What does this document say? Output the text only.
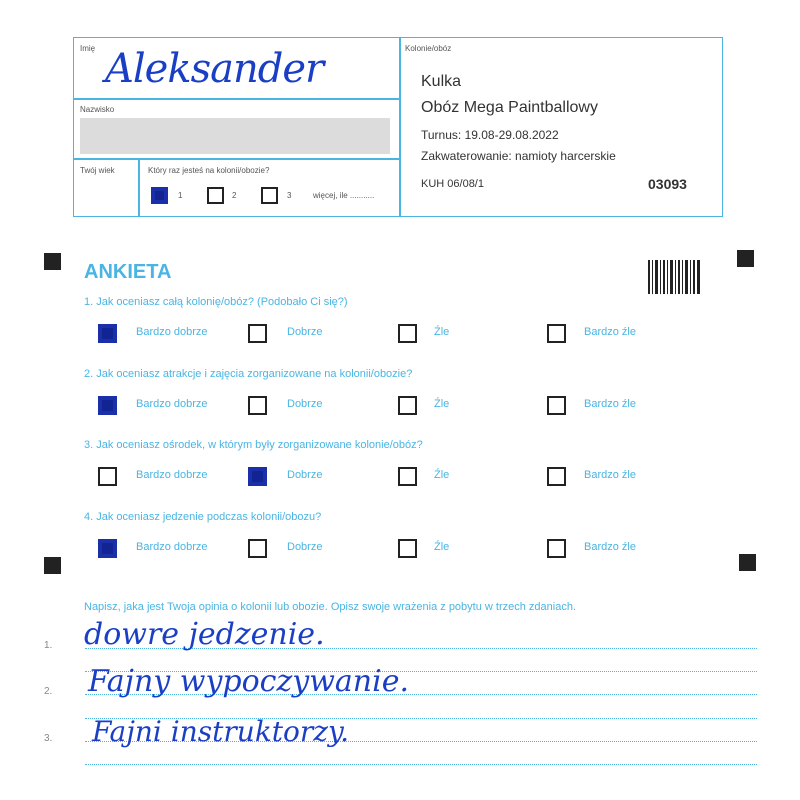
Imię Aleksander
Nazwisko
Twój wiek	Który raz jesteś na kolonii/obozie?
1	2	3	więcej, ile ...........
Kolonie/obóz
Kulka
Obóz Mega Paintballowy
Turnus: 19.08-29.08.2022
Zakwaterowanie: namioty harcerskie
KUH 06/08/1	03093
ANKIETA
1. Jak oceniasz całą kolonię/obóz? (Podobało Ci się?)
Bardzo dobrze	Dobrze	Źle	Bardzo źle
2. Jak oceniasz atrakcje i zajęcia zorganizowane na kolonii/obozie?
Bardzo dobrze	Dobrze	Źle	Bardzo źle
3. Jak oceniasz ośrodek, w którym były zorganizowane kolonie/obóz?
Bardzo dobrze	Dobrze	Źle	Bardzo źle
4. Jak oceniasz jedzenie podczas kolonii/obozu?
Bardzo dobrze	Dobrze	Źle	Bardzo źle
Napisz, jaka jest Twoja opinia o kolonii lub obozie. Opisz swoje wrażenia z pobytu w trzech zdaniach.
1.
2.
3.
dowre jedzenie.
Fajny wypoczywanie.
Fajni instruktorzy.
